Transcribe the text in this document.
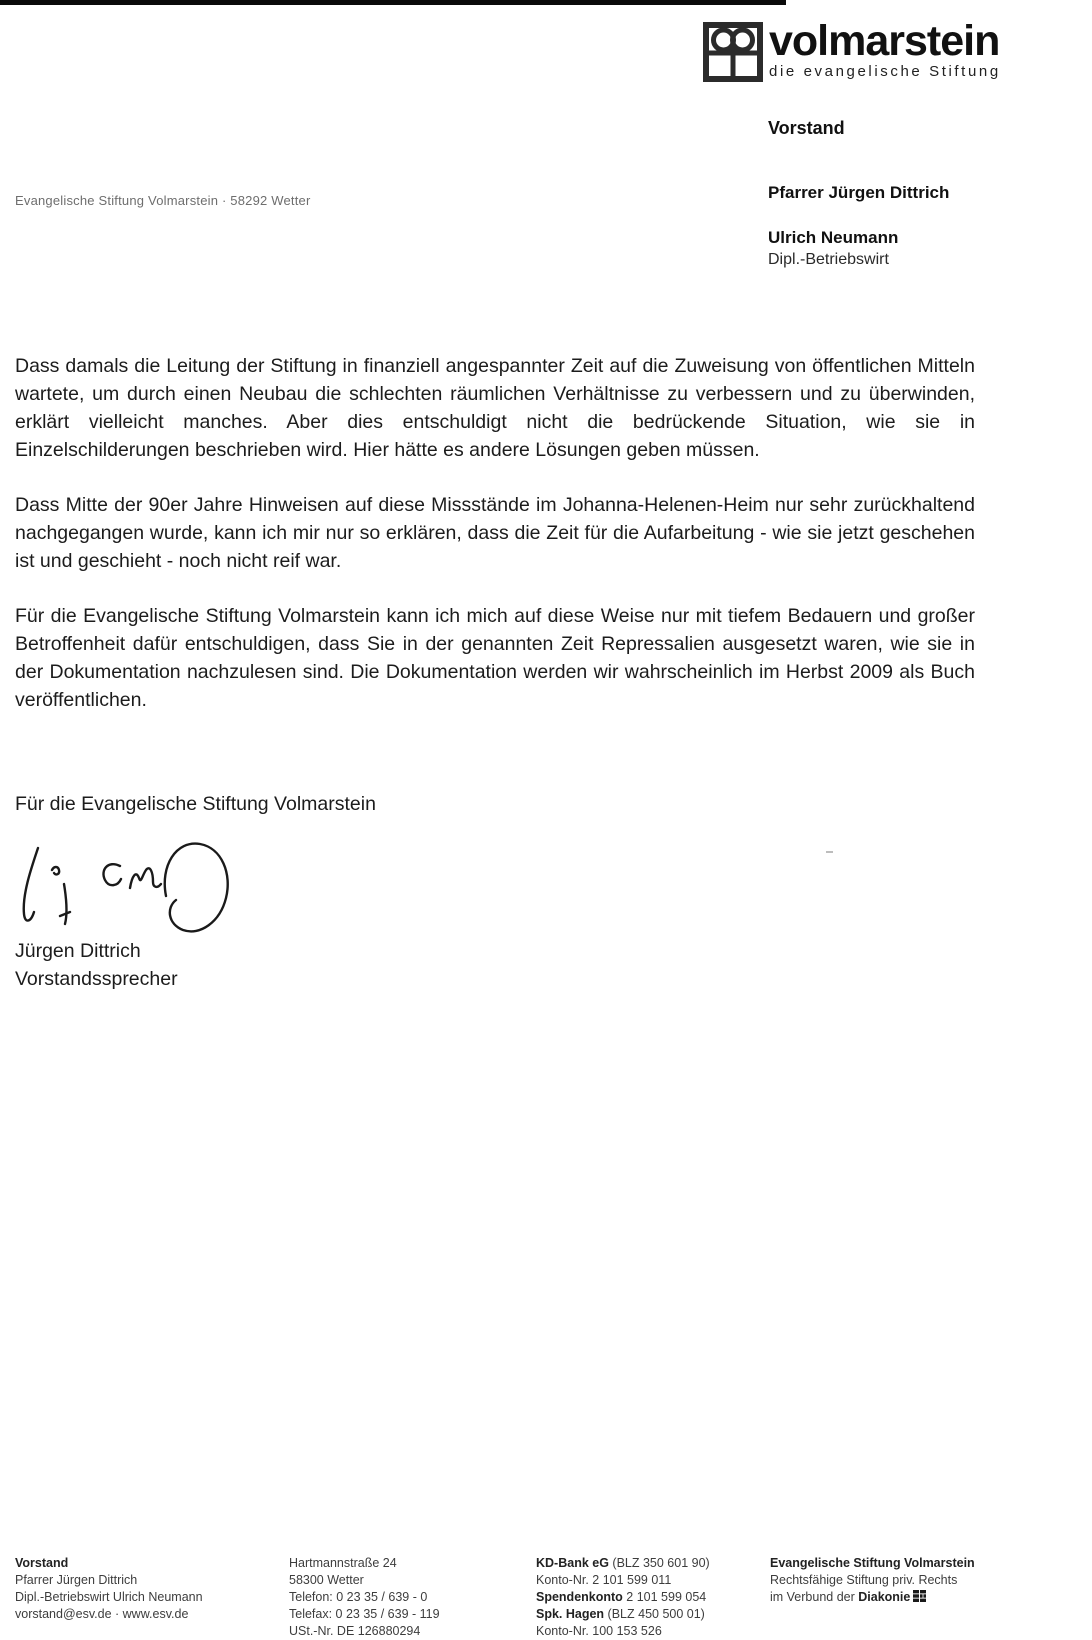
volmarstein
die evangelische Stiftung
Vorstand
Evangelische Stiftung Volmarstein · 58292 Wetter	Pfarrer Jürgen Dittrich
Ulrich Neumann
Dipl.-Betriebswirt

Dass damals die Leitung der Stiftung in finanziell angespannter Zeit auf die Zuweisung von öffentlichen Mitteln wartete, um durch einen Neubau die schlechten räumlichen Verhältnisse zu verbessern und zu überwinden, erklärt vielleicht manches. Aber dies entschuldigt nicht die bedrückende Situation, wie sie in Einzelschilderungen beschrieben wird. Hier hätte es andere Lösungen geben müssen.

Dass Mitte der 90er Jahre Hinweisen auf diese Missstände im Johanna-Helenen-Heim nur sehr zurückhaltend nachgegangen wurde, kann ich mir nur so erklären, dass die Zeit für die Aufarbeitung - wie sie jetzt geschehen ist und geschieht - noch nicht reif war.

Für die Evangelische Stiftung Volmarstein kann ich mich auf diese Weise nur mit tiefem Bedauern und großer Betroffenheit dafür entschuldigen, dass Sie in der genannten Zeit Repressalien ausgesetzt waren, wie sie in der Dokumentation nachzulesen sind. Die Dokumentation werden wir wahrscheinlich im Herbst 2009 als Buch veröffentlichen.

Für die Evangelische Stiftung Volmarstein
Jürgen Dittrich
Vorstandssprecher
Vorstand
Pfarrer Jürgen Dittrich
Dipl.-Betriebswirt Ulrich Neumann
vorstand@esv.de · www.esv.de
Hartmannstraße 24
58300 Wetter
Telefon: 0 23 35 / 639 - 0
Telefax: 0 23 35 / 639 - 119
USt.-Nr. DE 126880294
KD-Bank eG (BLZ 350 601 90)
Konto-Nr. 2 101 599 011
Spendenkonto 2 101 599 054
Spk. Hagen (BLZ 450 500 01)
Konto-Nr. 100 153 526
Evangelische Stiftung Volmarstein
Rechtsfähige Stiftung priv. Rechts
im Verbund der Diakonie
